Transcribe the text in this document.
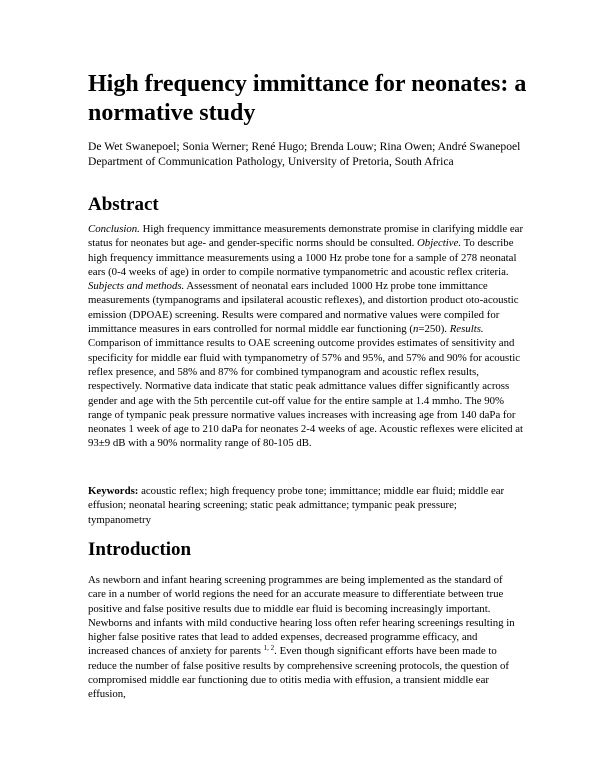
High frequency immittance for neonates: a normative study
De Wet Swanepoel; Sonia Werner; René Hugo; Brenda Louw; Rina Owen; André Swanepoel
Department of Communication Pathology, University of Pretoria, South Africa
Abstract
Conclusion. High frequency immittance measurements demonstrate promise in clarifying middle ear status for neonates but age- and gender-specific norms should be consulted. Objective. To describe high frequency immittance measurements using a 1000 Hz probe tone for a sample of 278 neonatal ears (0-4 weeks of age) in order to compile normative tympanometric and acoustic reflex criteria. Subjects and methods. Assessment of neonatal ears included 1000 Hz probe tone immittance measurements (tympanograms and ipsilateral acoustic reflexes), and distortion product oto-acoustic emission (DPOAE) screening. Results were compared and normative values were compiled for immittance measures in ears controlled for normal middle ear functioning (n=250). Results. Comparison of immittance results to OAE screening outcome provides estimates of sensitivity and specificity for middle ear fluid with tympanometry of 57% and 95%, and 57% and 90% for acoustic reflex presence, and 58% and 87% for combined tympanogram and acoustic reflex results, respectively. Normative data indicate that static peak admittance values differ significantly across gender and age with the 5th percentile cut-off value for the entire sample at 1.4 mmho. The 90% range of tympanic peak pressure normative values increases with increasing age from 140 daPa for neonates 1 week of age to 210 daPa for neonates 2-4 weeks of age. Acoustic reflexes were elicited at 93±9 dB with a 90% normality range of 80-105 dB.
Keywords: acoustic reflex; high frequency probe tone; immittance; middle ear fluid; middle ear effusion; neonatal hearing screening; static peak admittance; tympanic peak pressure; tympanometry
Introduction
As newborn and infant hearing screening programmes are being implemented as the standard of care in a number of world regions the need for an accurate measure to differentiate between true positive and false positive results due to middle ear fluid is becoming increasingly important. Newborns and infants with mild conductive hearing loss often refer hearing screenings resulting in higher false positive rates that lead to added expenses, decreased programme efficacy, and increased chances of anxiety for parents $^{1, 2}$. Even though significant efforts have been made to reduce the number of false positive results by comprehensive screening protocols, the question of compromised middle ear functioning due to otitis media with effusion, a transient middle ear effusion,
